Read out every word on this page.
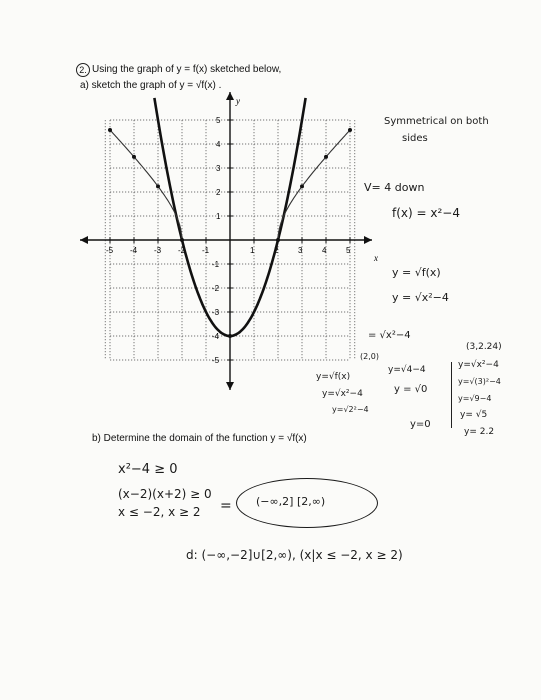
2. Using the graph of y = f(x) sketched below,
a) sketch the graph of y = √f(x) .
-5 -4 -3 -2 -1	1 2 3 4 5
5
4
3
2
1
-1
-2
-3
-4
-5
x
y
Symmetrical on both
sides
V= 4 down
f(x) = x²−4
y = √f(x)
y = √x²−4
= √x²−4
(2,0)
(3,2.24)
y=√f(x)
y=√x²−4
y=√2²−4
y=√4−4
y = √0
y=0
y=√x²−4
y=√(3)²−4
y=√9−4
y= √5
y= 2.2
b) Determine the domain of the function y = √f(x)
x²−4 ≥ 0
(x−2)(x+2) ≥ 0
x ≤ −2, x ≥ 2 = (−∞,2] [2,∞)
d: (−∞,−2]∪[2,∞), (x|x ≤ −2, x ≥ 2)
